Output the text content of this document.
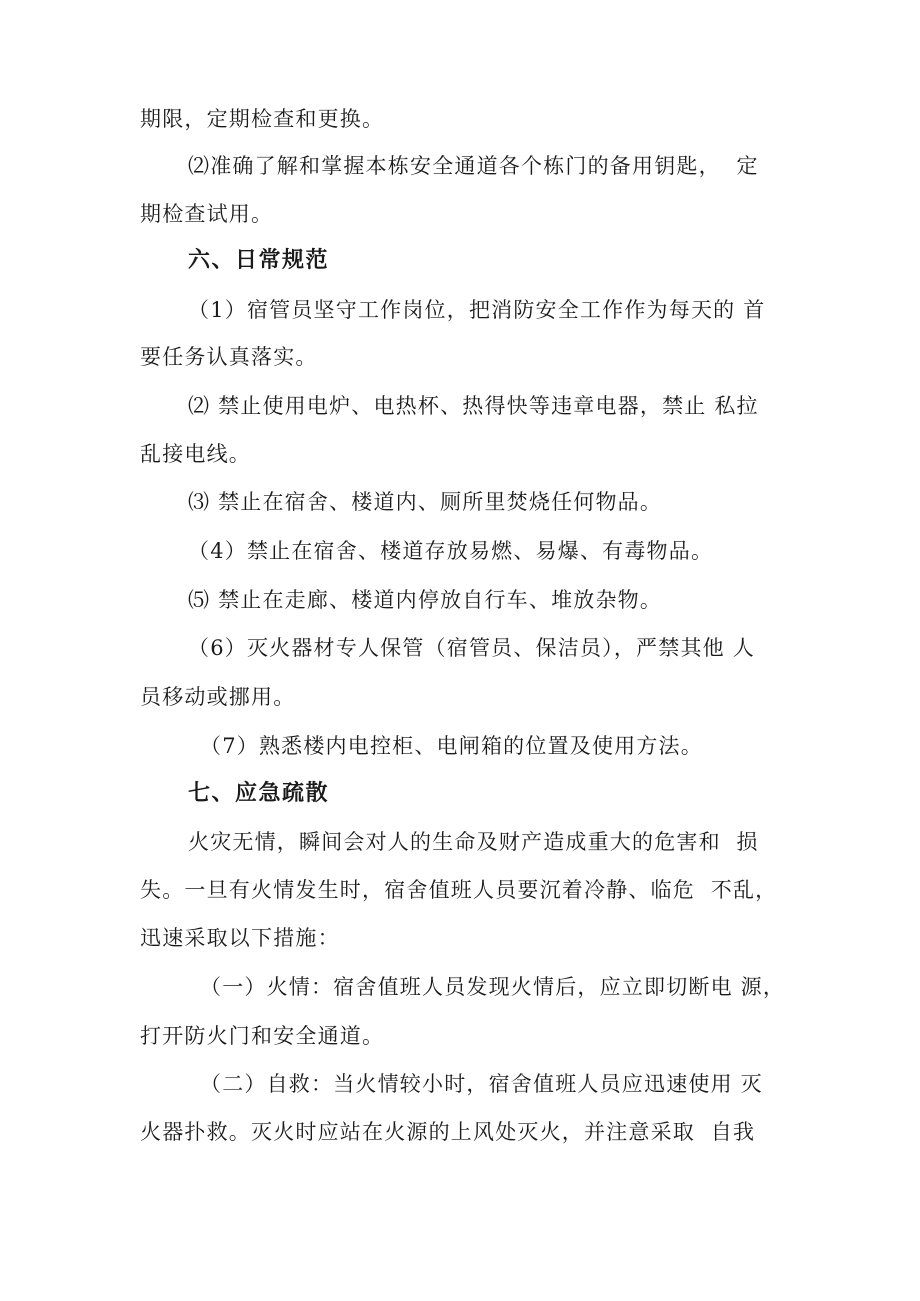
期限，定期检查和更换。
⑵准确了解和掌握本栋安全通道各个栋门的备用钥匙，  定
期检查试用。
六、日常规范
（1）宿管员坚守工作岗位，把消防安全工作作为每天的 首
要任务认真落实。
⑵ 禁止使用电炉、电热杯、热得快等违章电器，禁止 私拉
乱接电线。
⑶ 禁止在宿舍、楼道内、厕所里焚烧任何物品。
（4）禁止在宿舍、楼道存放易燃、易爆、有毒物品。
⑸ 禁止在走廊、楼道内停放自行车、堆放杂物。
（6）灭火器材专人保管（宿管员、保洁员），严禁其他 人
员移动或挪用。
（7）熟悉楼内电控柜、电闸箱的位置及使用方法。
七、应急疏散
火灾无情，瞬间会对人的生命及财产造成重大的危害和  损
失。一旦有火情发生时，宿舍值班人员要沉着冷静、临危  不乱，
迅速采取以下措施：
（一）火情：宿舍值班人员发现火情后，应立即切断电 源，
打开防火门和安全通道。
（二）自救：当火情较小时，宿舍值班人员应迅速使用 灭
火器扑救。灭火时应站在火源的上风处灭火，并注意采取  自我
